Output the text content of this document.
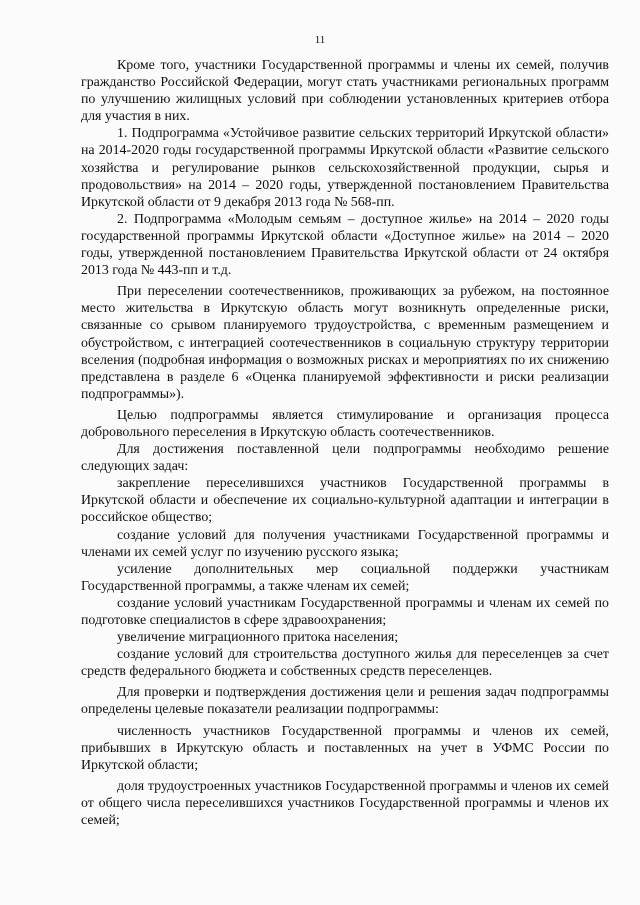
11

Кроме того, участники Государственной программы и члены их семей, получив гражданство Российской Федерации, могут стать участниками региональных программ по улучшению жилищных условий при соблюдении установленных критериев отбора для участия в них.

1. Подпрограмма «Устойчивое развитие сельских территорий Иркутской области» на 2014-2020 годы государственной программы Иркутской области «Развитие сельского хозяйства и регулирование рынков сельскохозяйственной продукции, сырья и продовольствия» на 2014 – 2020 годы, утвержденной постановлением Правительства Иркутской области от 9 декабря 2013 года № 568-пп.

2. Подпрограмма «Молодым семьям – доступное жилье» на 2014 – 2020 годы государственной программы Иркутской области «Доступное жилье» на 2014 – 2020 годы, утвержденной постановлением Правительства Иркутской области от 24 октября 2013 года № 443-пп и т.д.

При переселении соотечественников, проживающих за рубежом, на постоянное место жительства в Иркутскую область могут возникнуть определенные риски, связанные со срывом планируемого трудоустройства, с временным размещением и обустройством, с интеграцией соотечественников в социальную структуру территории вселения (подробная информация о возможных рисках и мероприятиях по их снижению представлена в разделе 6 «Оценка планируемой эффективности и риски реализации подпрограммы»).

Целью подпрограммы является стимулирование и организация процесса добровольного переселения в Иркутскую область соотечественников.

Для достижения поставленной цели подпрограммы необходимо решение следующих задач:

закрепление переселившихся участников Государственной программы в Иркутской области и обеспечение их социально-культурной адаптации и интеграции в российское общество;

создание условий для получения участниками Государственной программы и членами их семей услуг по изучению русского языка;

усиление дополнительных мер социальной поддержки участникам Государственной программы, а также членам их семей;

создание условий участникам Государственной программы и членам их семей по подготовке специалистов в сфере здравоохранения;

увеличение миграционного притока населения;

создание условий для строительства доступного жилья для переселенцев за счет средств федерального бюджета и собственных средств переселенцев.

Для проверки и подтверждения достижения цели и решения задач подпрограммы определены целевые показатели реализации подпрограммы:

численность участников Государственной программы и членов их семей, прибывших в Иркутскую область и поставленных на учет в УФМС России по Иркутской области;

доля трудоустроенных участников Государственной программы и членов их семей от общего числа переселившихся участников Государственной программы и членов их семей;
